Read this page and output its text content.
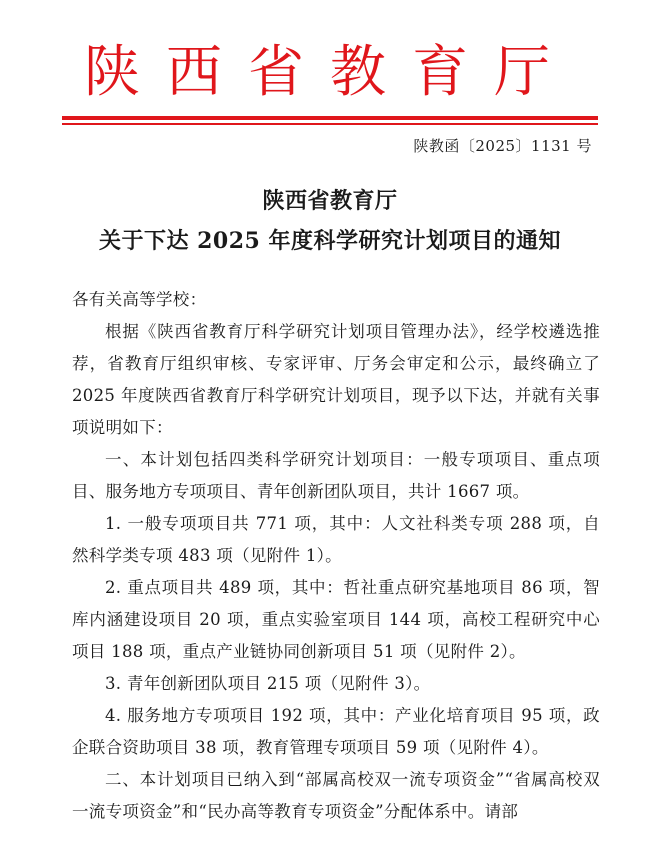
陕西省教育厅
陕教函〔2025〕1131 号
陕西省教育厅
关于下达 2025 年度科学研究计划项目的通知

各有关高等学校：

根据《陕西省教育厅科学研究计划项目管理办法》，经学校遴选推荐，省教育厅组织审核、专家评审、厅务会审定和公示，最终确立了 2025 年度陕西省教育厅科学研究计划项目，现予以下达，并就有关事项说明如下：

一、本计划包括四类科学研究计划项目：一般专项项目、重点项目、服务地方专项项目、青年创新团队项目，共计 1667 项。

1. 一般专项项目共 771 项，其中：人文社科类专项 288 项，自然科学类专项 483 项（见附件 1）。

2. 重点项目共 489 项，其中：哲社重点研究基地项目 86 项，智库内涵建设项目 20 项，重点实验室项目 144 项，高校工程研究中心项目 188 项，重点产业链协同创新项目 51 项（见附件 2）。

3. 青年创新团队项目 215 项（见附件 3）。

4. 服务地方专项项目 192 项，其中：产业化培育项目 95 项，政企联合资助项目 38 项，教育管理专项项目 59 项（见附件 4）。

二、本计划项目已纳入到“部属高校双一流专项资金”“省属高校双一流专项资金”和“民办高等教育专项资金”分配体系中。请部
